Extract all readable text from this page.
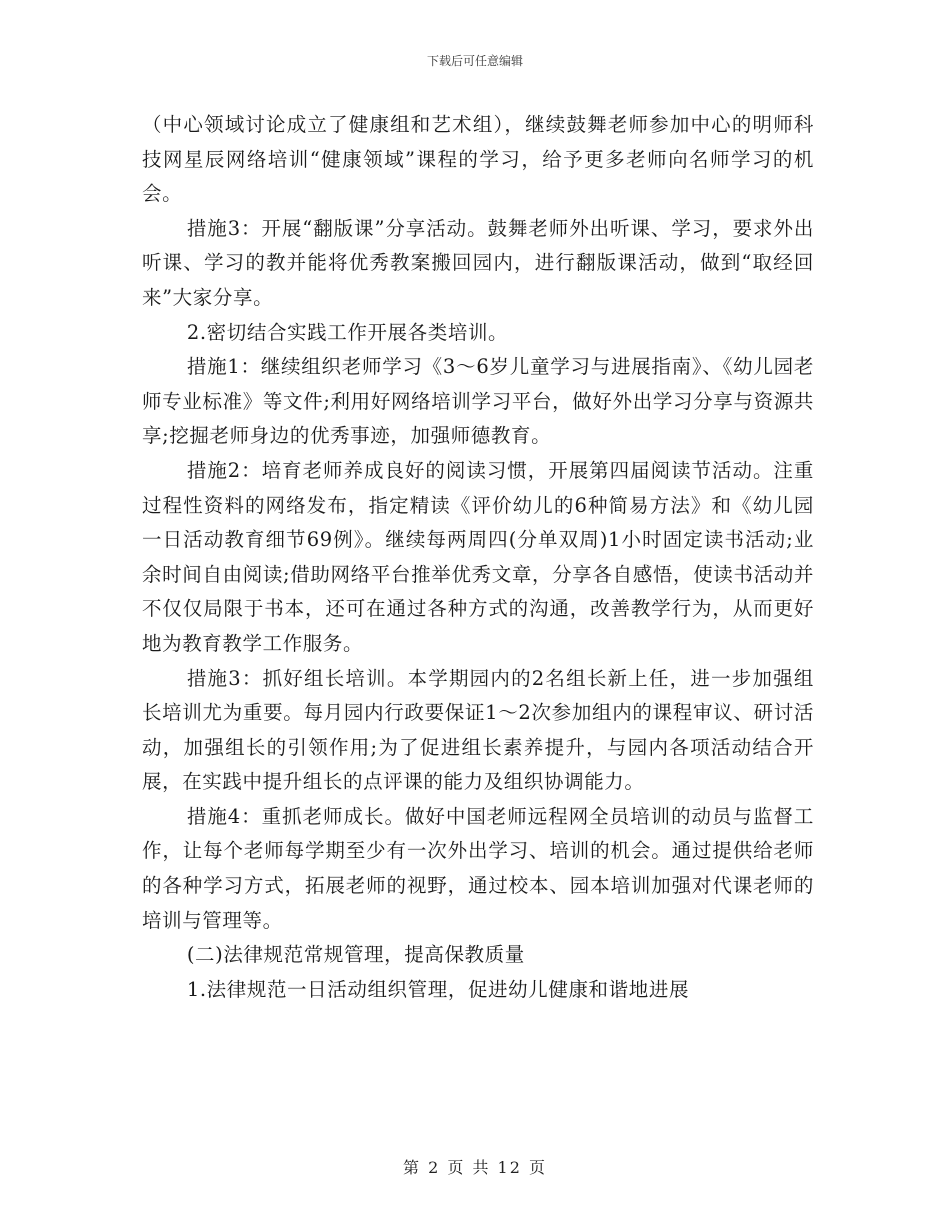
下载后可任意编辑

（中心领域讨论成立了健康组和艺术组），继续鼓舞老师参加中心的明师科技网星辰网络培训“健康领域”课程的学习，给予更多老师向名师学习的机会。

措施3：开展“翻版课”分享活动。鼓舞老师外出听课、学习，要求外出听课、学习的教并能将优秀教案搬回园内，进行翻版课活动，做到“取经回来”大家分享。

2.密切结合实践工作开展各类培训。

措施1：继续组织老师学习《3～6岁儿童学习与进展指南》、《幼儿园老师专业标准》等文件;利用好网络培训学习平台，做好外出学习分享与资源共享;挖掘老师身边的优秀事迹，加强师德教育。

措施2：培育老师养成良好的阅读习惯，开展第四届阅读节活动。注重过程性资料的网络发布，指定精读《评价幼儿的6种简易方法》和《幼儿园一日活动教育细节69例》。继续每两周四(分单双周)1小时固定读书活动;业余时间自由阅读;借助网络平台推举优秀文章，分享各自感悟，使读书活动并不仅仅局限于书本，还可在通过各种方式的沟通，改善教学行为，从而更好地为教育教学工作服务。

措施3：抓好组长培训。本学期园内的2名组长新上任，进一步加强组长培训尤为重要。每月园内行政要保证1～2次参加组内的课程审议、研讨活动，加强组长的引领作用;为了促进组长素养提升，与园内各项活动结合开展，在实践中提升组长的点评课的能力及组织协调能力。

措施4：重抓老师成长。做好中国老师远程网全员培训的动员与监督工作，让每个老师每学期至少有一次外出学习、培训的机会。通过提供给老师的各种学习方式，拓展老师的视野，通过校本、园本培训加强对代课老师的培训与管理等。

(二)法律规范常规管理，提高保教质量

1.法律规范一日活动组织管理，促进幼儿健康和谐地进展

第 2 页 共 12 页
